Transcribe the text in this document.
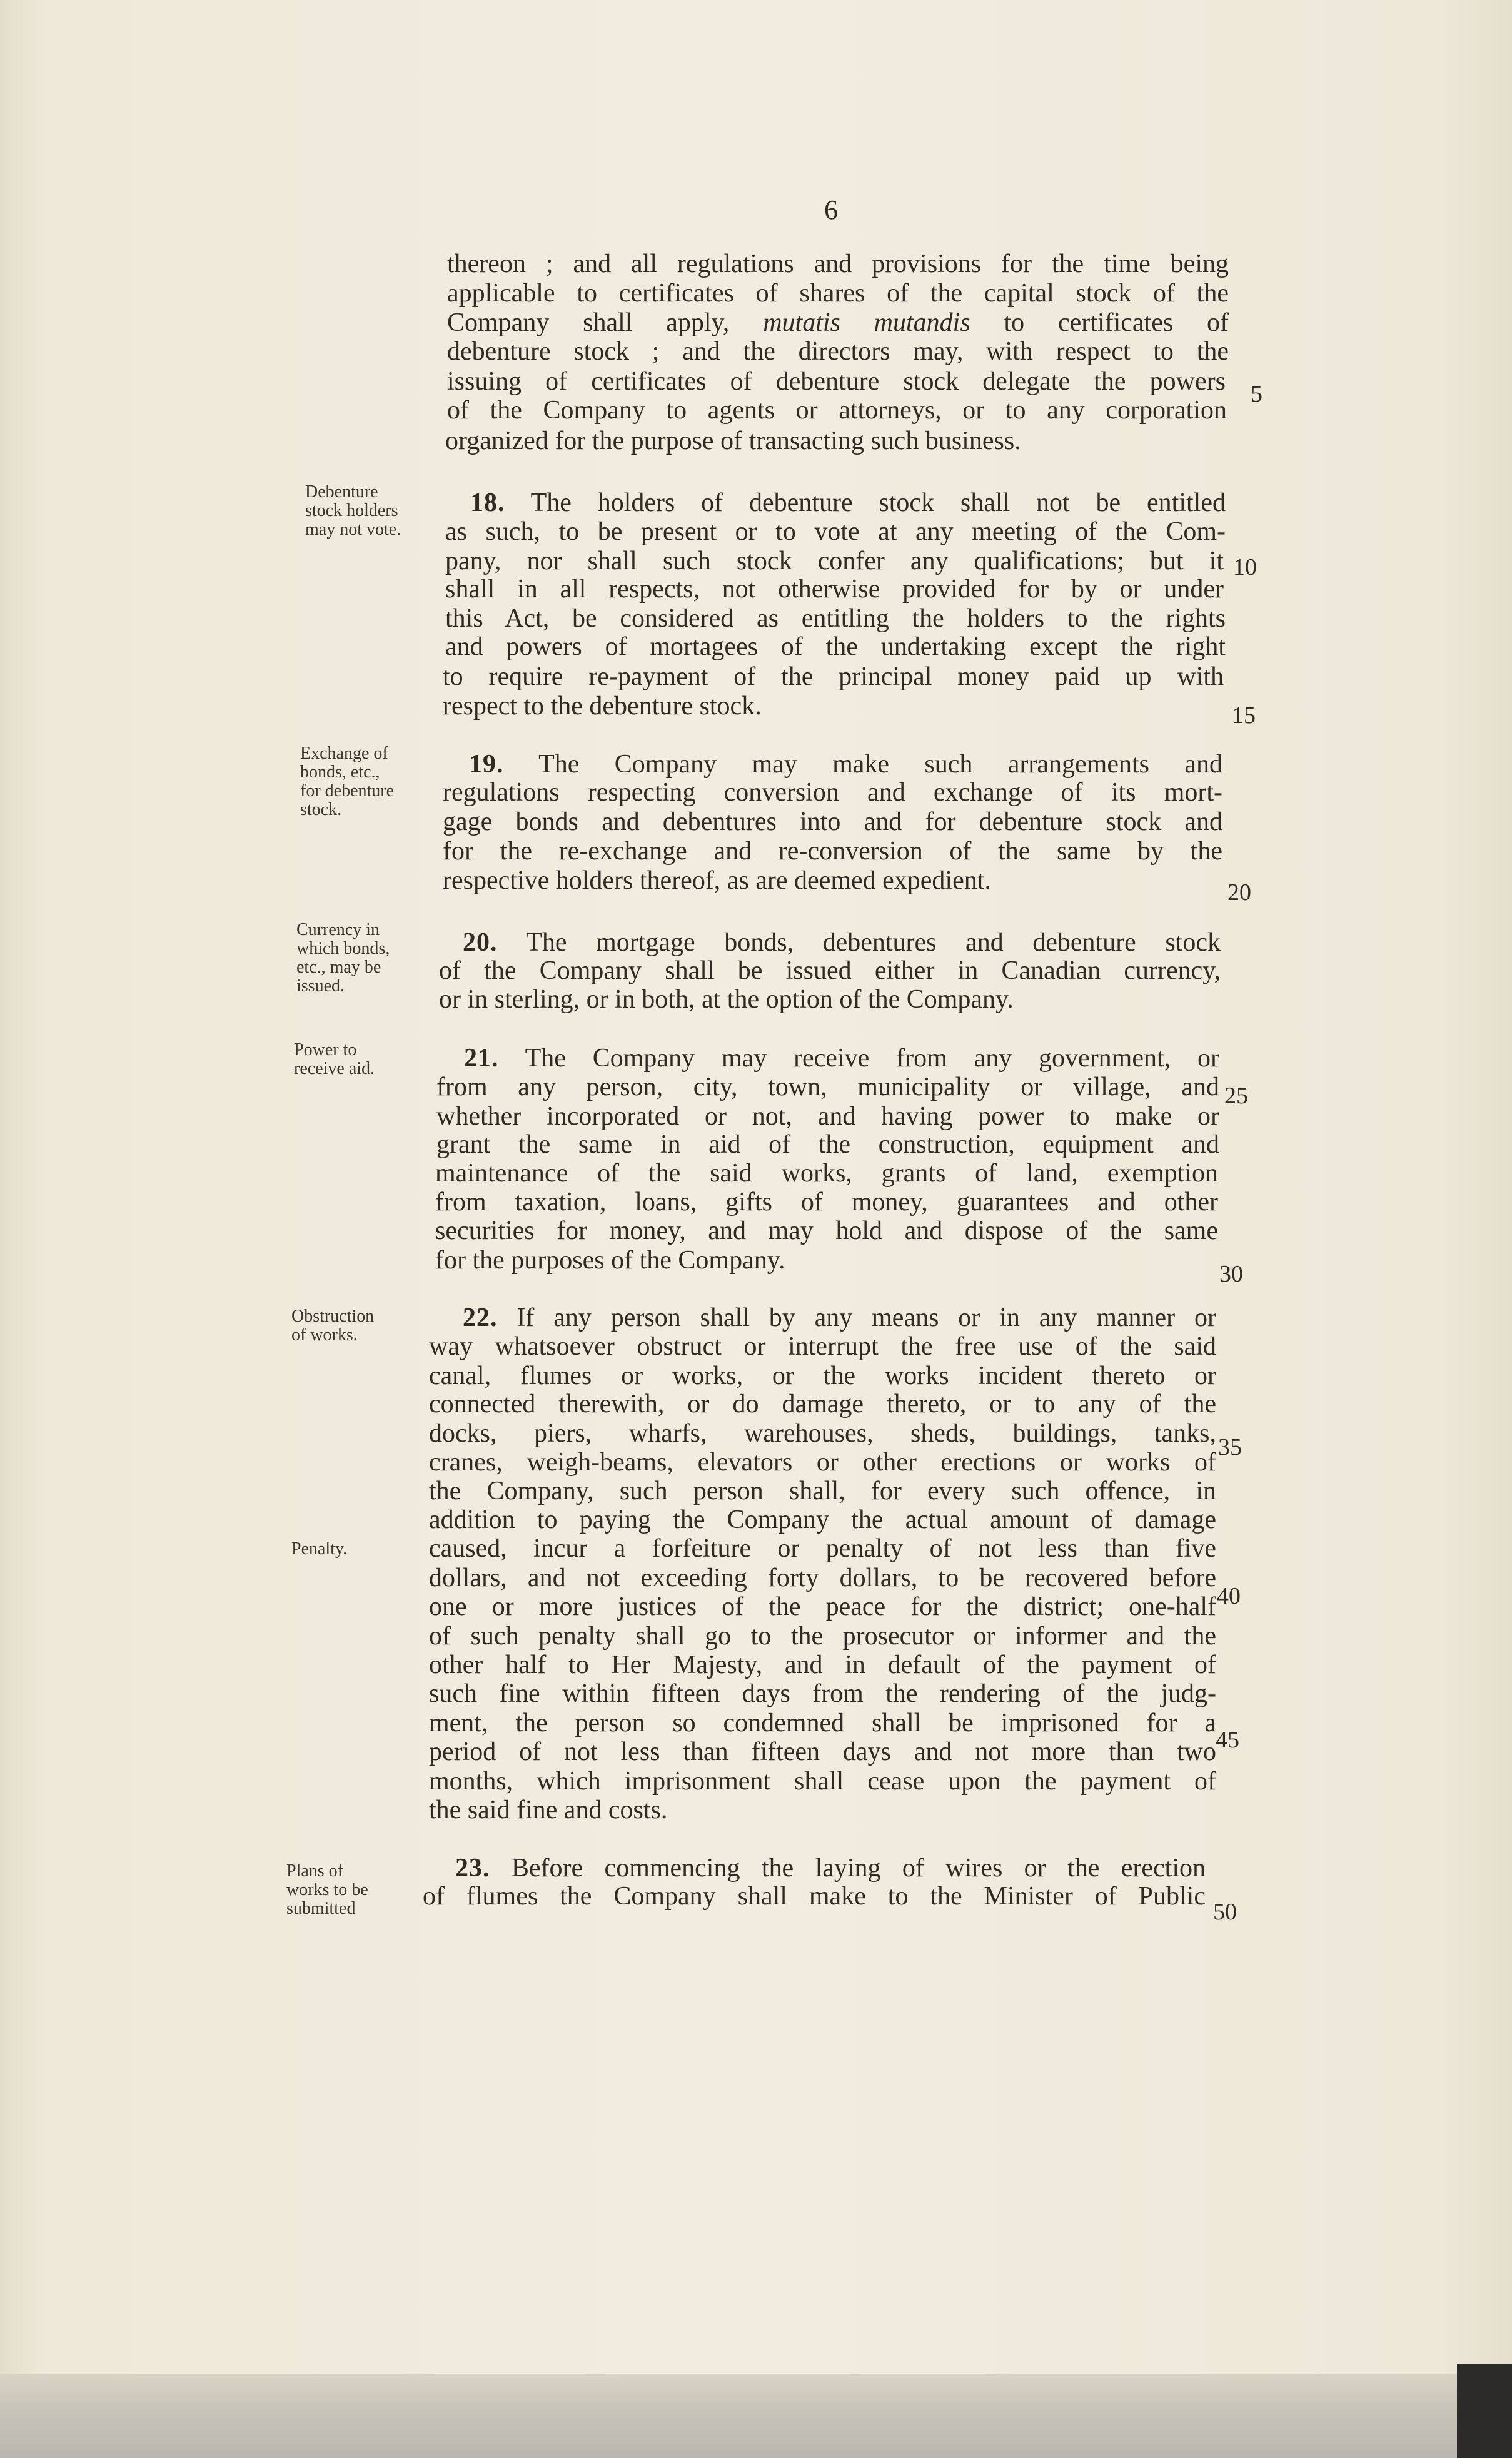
6
thereon ; and all regulations and provisions for the time being
applicable to certificates of shares of the capital stock of the
Company shall apply, mutatis mutandis to certificates of
debenture stock ; and the directors may, with respect to the
issuing of certificates of debenture stock delegate the powers
of the Company to agents or attorneys, or to any corporation
organized for the purpose of transacting such business.
18. The holders of debenture stock shall not be entitled
as such, to be present or to vote at any meeting of the Com-
pany, nor shall such stock confer any qualifications; but it
shall in all respects, not otherwise provided for by or under
this Act, be considered as entitling the holders to the rights
and powers of mortagees of the undertaking except the right
to require re-payment of the principal money paid up with
respect to the debenture stock.
19. The Company may make such arrangements and
regulations respecting conversion and exchange of its mort-
gage bonds and debentures into and for debenture stock and
for the re-exchange and re-conversion of the same by the
respective holders thereof, as are deemed expedient.
20. The mortgage bonds, debentures and debenture stock
of the Company shall be issued either in Canadian currency,
or in sterling, or in both, at the option of the Company.
21. The Company may receive from any government, or
from any person, city, town, municipality or village, and
whether incorporated or not, and having power to make or
grant the same in aid of the construction, equipment and
maintenance of the said works, grants of land, exemption
from taxation, loans, gifts of money, guarantees and other
securities for money, and may hold and dispose of the same
for the purposes of the Company.
22. If any person shall by any means or in any manner or
way whatsoever obstruct or interrupt the free use of the said
canal, flumes or works, or the works incident thereto or
connected therewith, or do damage thereto, or to any of the
docks, piers, wharfs, warehouses, sheds, buildings, tanks,
cranes, weigh-beams, elevators or other erections or works of
the Company, such person shall, for every such offence, in
addition to paying the Company the actual amount of damage
caused, incur a forfeiture or penalty of not less than five
dollars, and not exceeding forty dollars, to be recovered before
one or more justices of the peace for the district; one-half
of such penalty shall go to the prosecutor or informer and the
other half to Her Majesty, and in default of the payment of
such fine within fifteen days from the rendering of the judg-
ment, the person so condemned shall be imprisoned for a
period of not less than fifteen days and not more than two
months, which imprisonment shall cease upon the payment of
the said fine and costs.
23. Before commencing the laying of wires or the erection
of flumes the Company shall make to the Minister of Public
Debenture
stock holders
may not vote.
Exchange of
bonds, etc.,
for debenture
stock.
Currency in
which bonds,
etc., may be
issued.
Power to
receive aid.
Obstruction
of works.
Penalty.
Plans of
works to be
submitted
5
10
15
20
25
30
35
40
45
50
